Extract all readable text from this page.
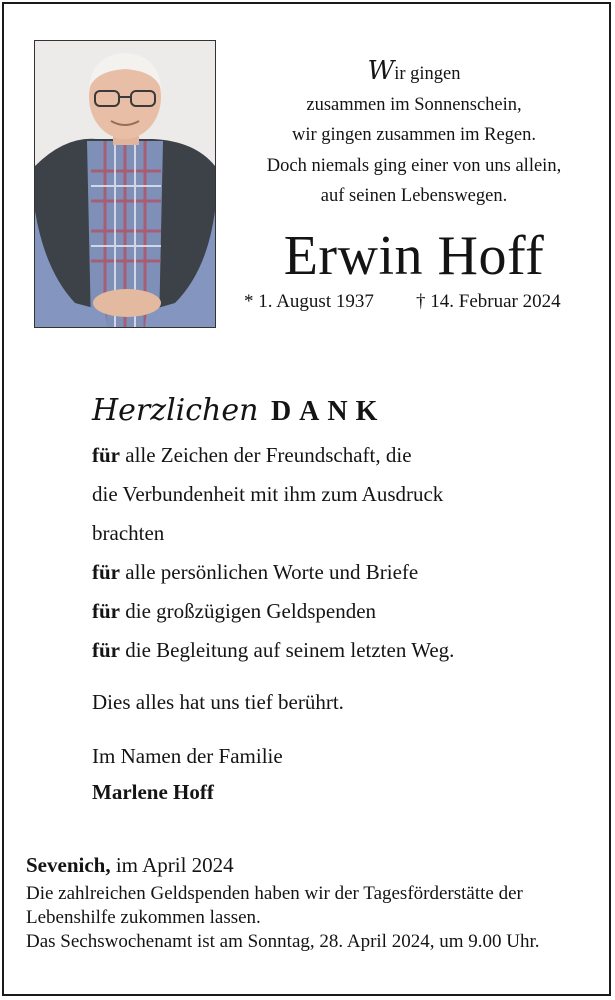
Wir gingen
zusammen im Sonnenschein,
wir gingen zusammen im Regen.
Doch niemals ging einer von uns allein,
auf seinen Lebenswegen.
Erwin Hoff
* 1. August 1937 † 14. Februar 2024
Herzlichen DANK
für alle Zeichen der Freundschaft, die
die Verbundenheit mit ihm zum Ausdruck
brachten
für alle persönlichen Worte und Briefe
für die großzügigen Geldspenden
für die Begleitung auf seinem letzten Weg.
Dies alles hat uns tief berührt.
Im Namen der Familie
Marlene Hoff
Sevenich, im April 2024
Die zahlreichen Geldspenden haben wir der Tagesförderstätte der Lebenshilfe zukommen lassen.
Das Sechswochenamt ist am Sonntag, 28. April 2024, um 9.00 Uhr.
